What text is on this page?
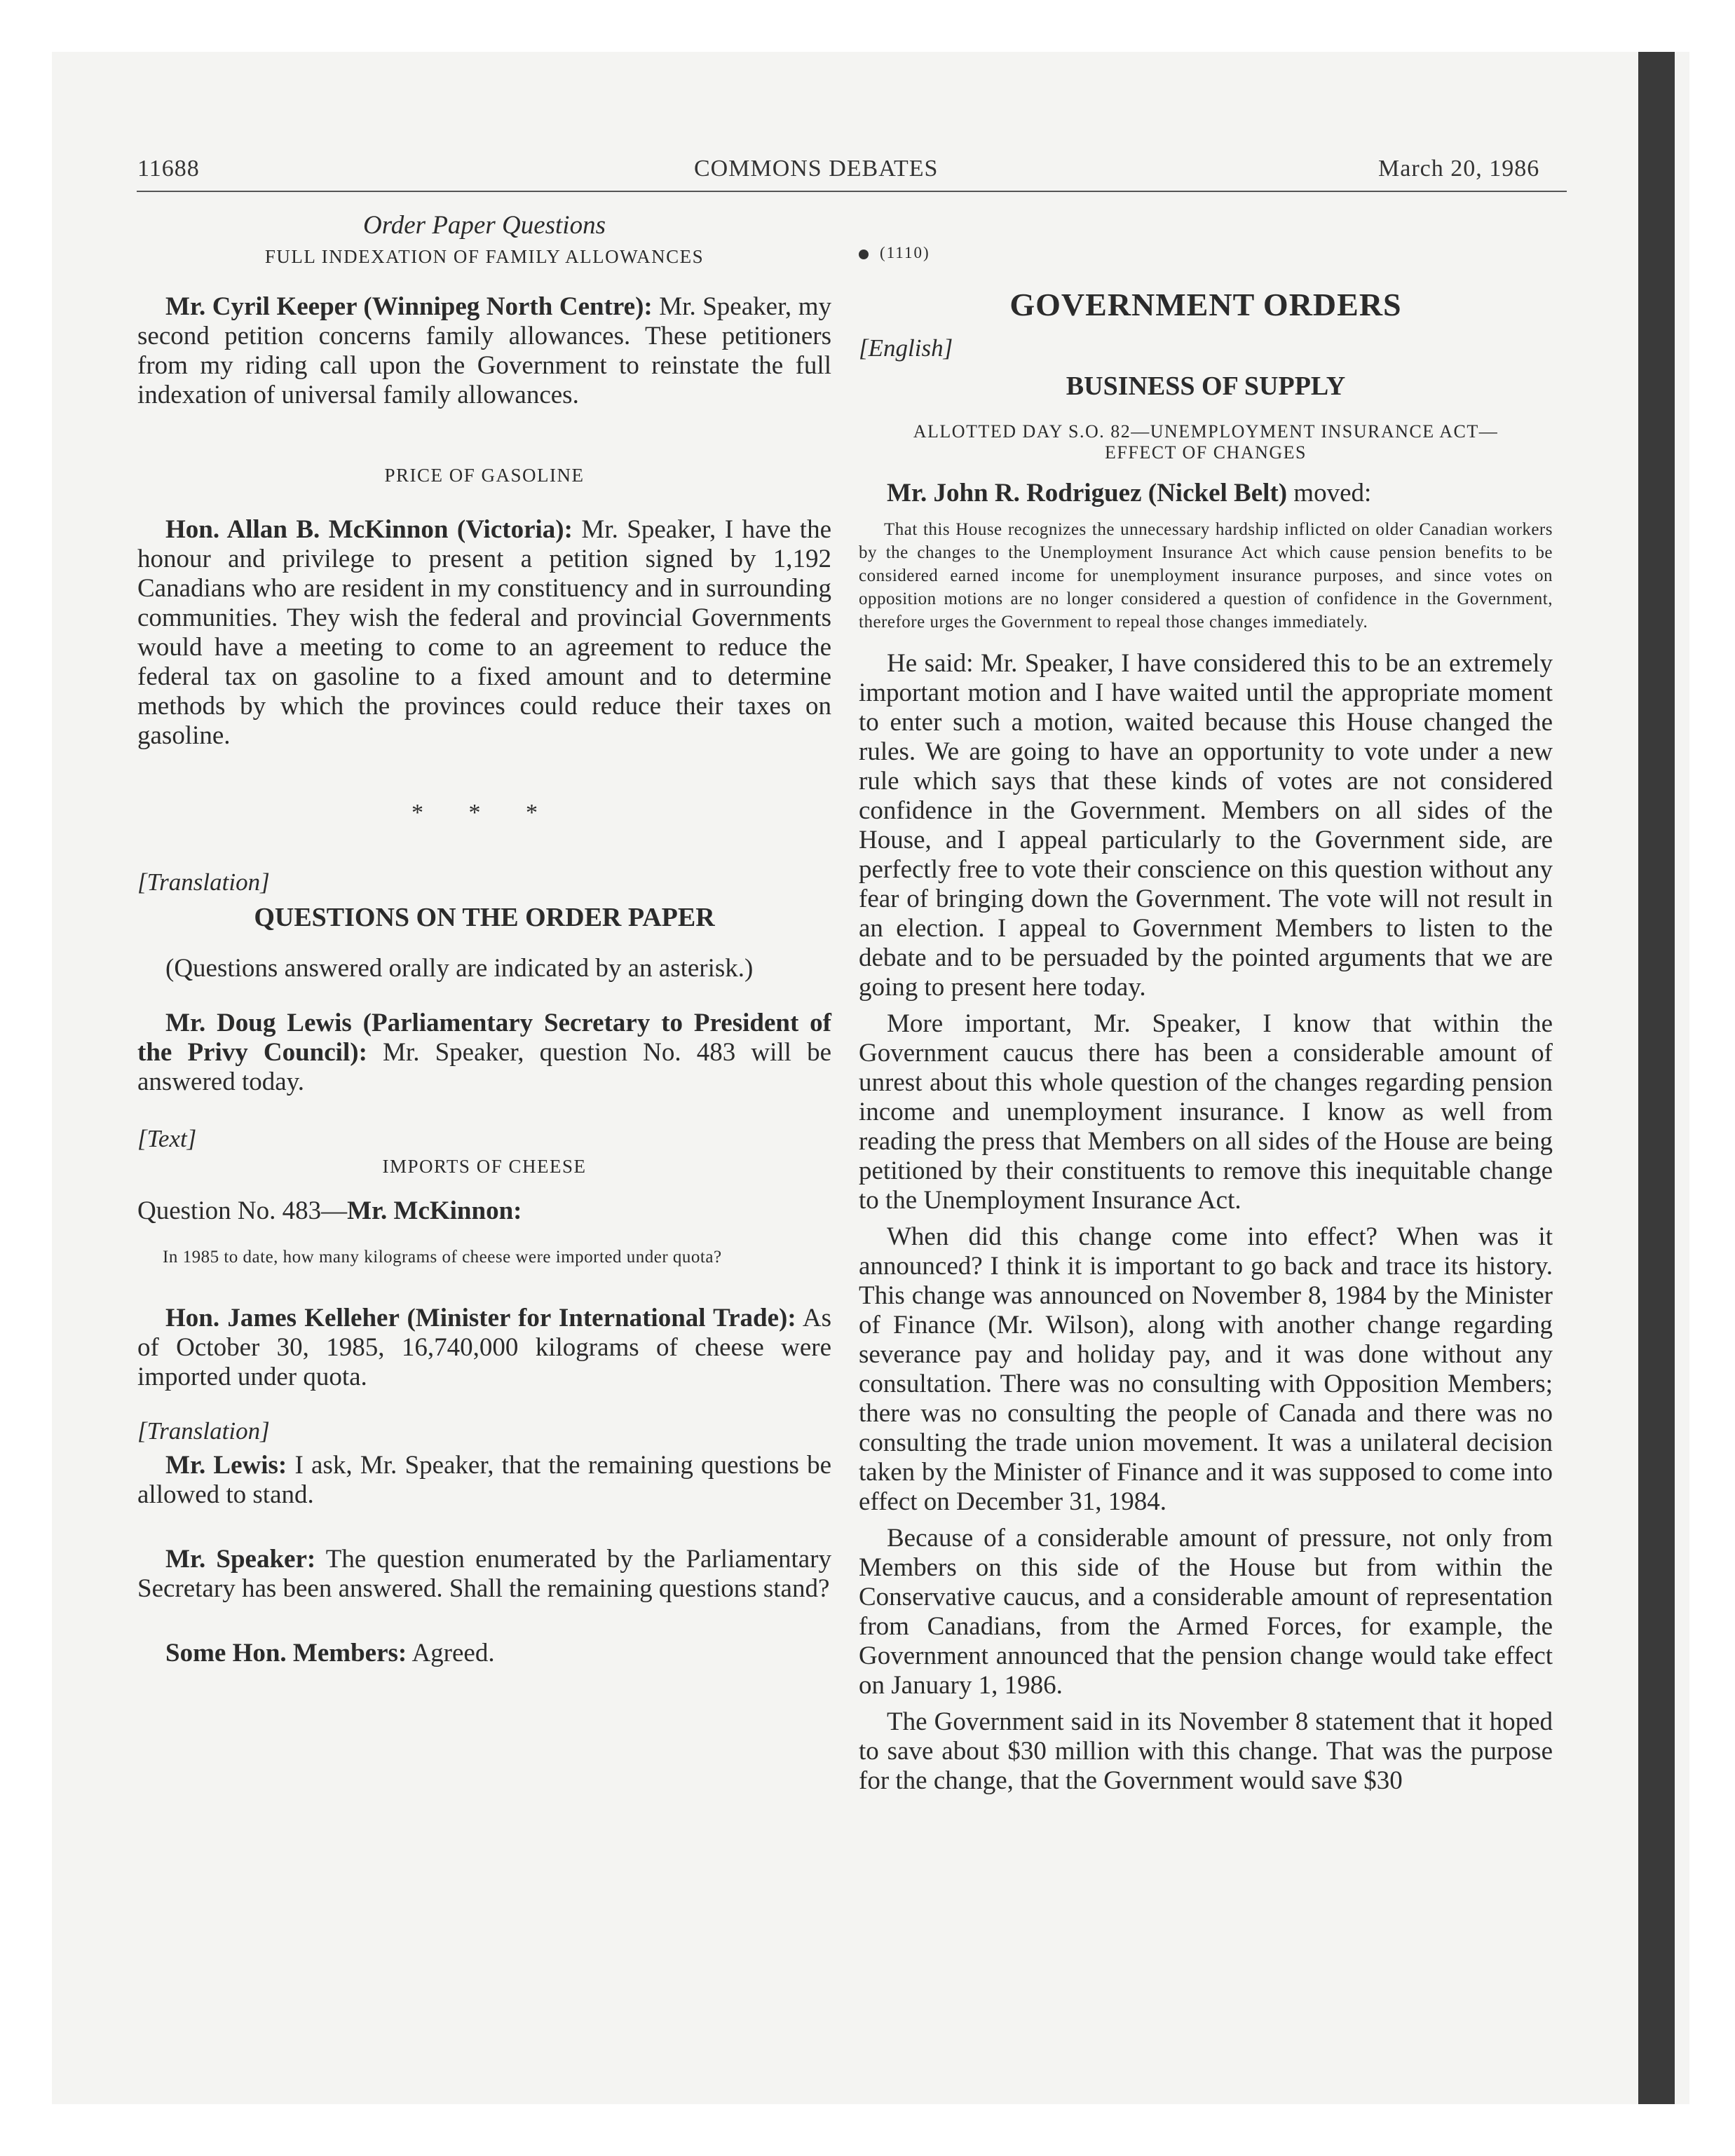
11688	COMMONS DEBATES	March 20, 1986
Order Paper Questions
FULL INDEXATION OF FAMILY ALLOWANCES

Mr. Cyril Keeper (Winnipeg North Centre): Mr. Speaker, my second petition concerns family allowances. These petitioners from my riding call upon the Government to reinstate the full indexation of universal family allowances.

PRICE OF GASOLINE

Hon. Allan B. McKinnon (Victoria): Mr. Speaker, I have the honour and privilege to present a petition signed by 1,192 Canadians who are resident in my constituency and in surrounding communities. They wish the federal and provincial Governments would have a meeting to come to an agreement to reduce the federal tax on gasoline to a fixed amount and to determine methods by which the provinces could reduce their taxes on gasoline.

* * *
[Translation]
QUESTIONS ON THE ORDER PAPER

(Questions answered orally are indicated by an asterisk.)

Mr. Doug Lewis (Parliamentary Secretary to President of the Privy Council): Mr. Speaker, question No. 483 will be answered today.

[Text]
IMPORTS OF CHEESE

Question No. 483—Mr. McKinnon:

In 1985 to date, how many kilograms of cheese were imported under quota?

Hon. James Kelleher (Minister for International Trade): As of October 30, 1985, 16,740,000 kilograms of cheese were imported under quota.

[Translation]

Mr. Lewis: I ask, Mr. Speaker, that the remaining questions be allowed to stand.

Mr. Speaker: The question enumerated by the Parliamentary Secretary has been answered. Shall the remaining questions stand?

Some Hon. Members: Agreed.

(1110)
GOVERNMENT ORDERS
[English]
BUSINESS OF SUPPLY
ALLOTTED DAY S.O. 82—UNEMPLOYMENT INSURANCE ACT—
EFFECT OF CHANGES

Mr. John R. Rodriguez (Nickel Belt) moved:

That this House recognizes the unnecessary hardship inflicted on older Canadian workers by the changes to the Unemployment Insurance Act which cause pension benefits to be considered earned income for unemployment insurance purposes, and since votes on opposition motions are no longer considered a question of confidence in the Government, therefore urges the Government to repeal those changes immediately.

He said: Mr. Speaker, I have considered this to be an extremely important motion and I have waited until the appropriate moment to enter such a motion, waited because this House changed the rules. We are going to have an opportunity to vote under a new rule which says that these kinds of votes are not considered confidence in the Government. Members on all sides of the House, and I appeal particularly to the Government side, are perfectly free to vote their conscience on this question without any fear of bringing down the Government. The vote will not result in an election. I appeal to Government Members to listen to the debate and to be persuaded by the pointed arguments that we are going to present here today.

More important, Mr. Speaker, I know that within the Government caucus there has been a considerable amount of unrest about this whole question of the changes regarding pension income and unemployment insurance. I know as well from reading the press that Members on all sides of the House are being petitioned by their constituents to remove this inequitable change to the Unemployment Insurance Act.

When did this change come into effect? When was it announced? I think it is important to go back and trace its history. This change was announced on November 8, 1984 by the Minister of Finance (Mr. Wilson), along with another change regarding severance pay and holiday pay, and it was done without any consultation. There was no consulting with Opposition Members; there was no consulting the people of Canada and there was no consulting the trade union movement. It was a unilateral decision taken by the Minister of Finance and it was supposed to come into effect on December 31, 1984.

Because of a considerable amount of pressure, not only from Members on this side of the House but from within the Conservative caucus, and a considerable amount of representation from Canadians, from the Armed Forces, for example, the Government announced that the pension change would take effect on January 1, 1986.

The Government said in its November 8 statement that it hoped to save about $30 million with this change. That was the purpose for the change, that the Government would save $30
